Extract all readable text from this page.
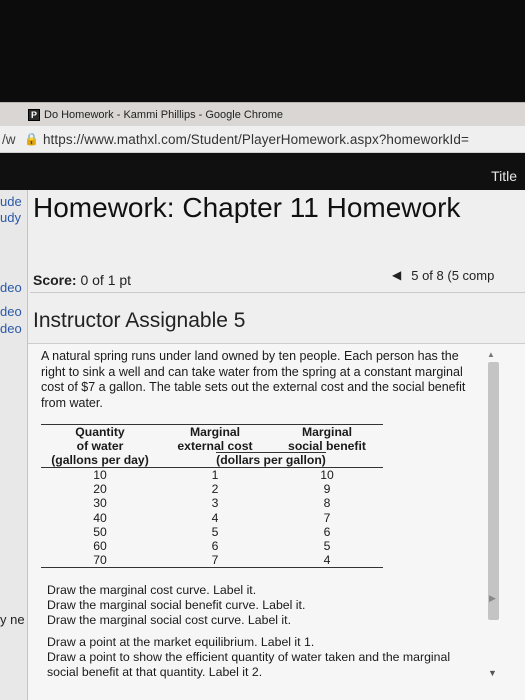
P Do Homework - Kammi Phillips - Google Chrome
/w 🔒 https://www.mathxl.com/Student/PlayerHomework.aspx?homeworkId=
Title
ude
udy
deo
deo
deo
y ne
Homework: Chapter 11 Homework
Score: 0 of 1 pt	◀ 5 of 8 (5 comp
Instructor Assignable 5
A natural spring runs under land owned by ten people. Each person has the right to sink a well and can take water from the spring at a constant marginal cost of $7 a gallon. The table sets out the external cost and the social benefit from water.
Quantity	Marginal	Marginal
of water	external cost	social benefit
(gallons per day)	(dollars per gallon)	
10	1	10
20	2	9
30	3	8
40	4	7
50	5	6
60	6	5
70	7	4

Draw the marginal cost curve. Label it.

Draw the marginal social benefit curve. Label it.

Draw the marginal social cost curve. Label it.

Draw a point at the market equilibrium. Label it 1.

Draw a point to show the efficient quantity of water taken and the marginal social benefit at that quantity. Label it 2.

▲
▶
▼
